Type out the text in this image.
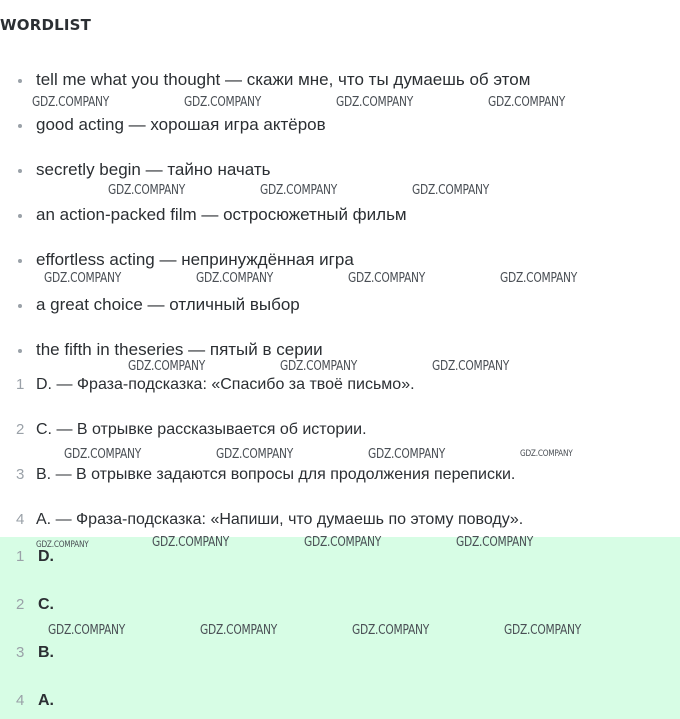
WORDLIST
tell me what you thought — скажи мне, что ты думаешь об этом
good acting — хорошая игра актёров
secretly begin — тайно начать
an action-packed film — остросюжетный фильм
effortless acting — непринуждённая игра
a great choice — отличный выбор
the fifth in theseries — пятый в серии
1 D. — Фраза-подсказка: «Спасибо за твоё письмо».
2 C. — В отрывке рассказывается об истории.
3 B. — В отрывке задаются вопросы для продолжения переписки.
4 A. — Фраза-подсказка: «Напиши, что думаешь по этому поводу».
1 D.
2 C.
3 B.
4 A.
GDZ.COMPANY	GDZ.COMPANY	GDZ.COMPANY	GDZ.COMPANY
GDZ.COMPANY	GDZ.COMPANY	GDZ.COMPANY
GDZ.COMPANY	GDZ.COMPANY	GDZ.COMPANY	GDZ.COMPANY
GDZ.COMPANY	GDZ.COMPANY	GDZ.COMPANY
GDZ.COMPANY	GDZ.COMPANY	GDZ.COMPANY	GDZ.COMPANY
GDZ.COMPANY	GDZ.COMPANY	GDZ.COMPANY	GDZ.COMPANY
GDZ.COMPANY	GDZ.COMPANY	GDZ.COMPANY	GDZ.COMPANY
